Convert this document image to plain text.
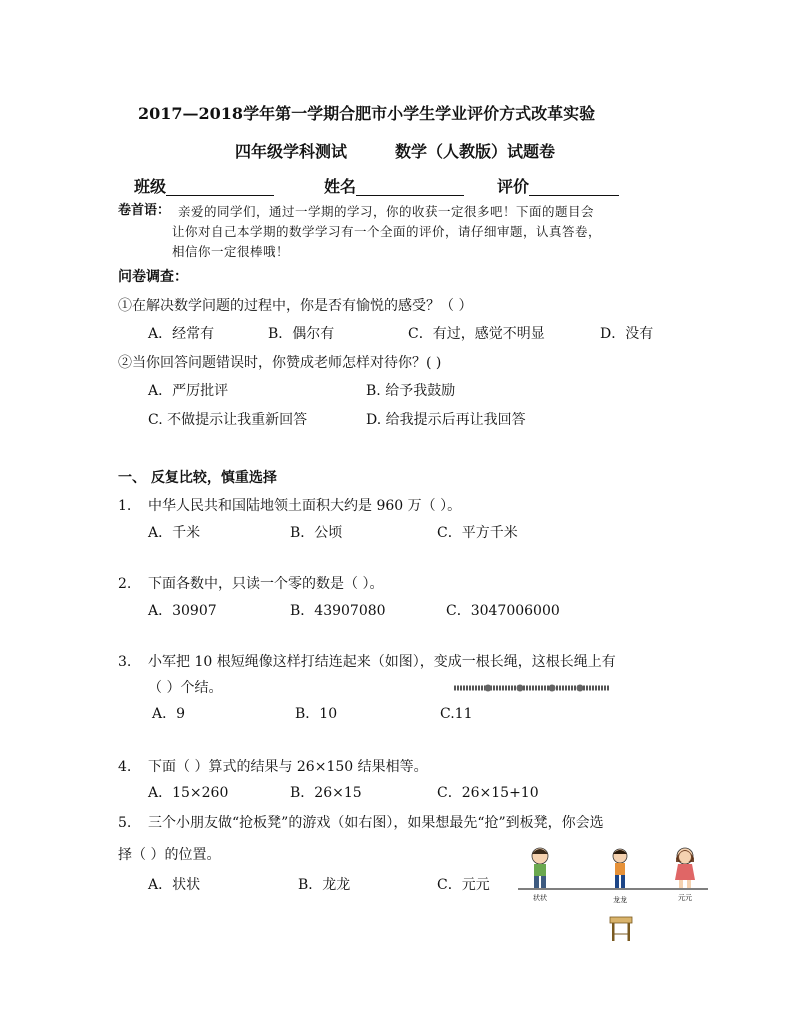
2017—2018学年第一学期合肥市小学生学业评价方式改革实验
四年级学科测试	数学（人教版）试题卷
班级	姓名	评价
卷首语： 亲爱的同学们，通过一学期的学习，你的收获一定很多吧！下面的题目会
让你对自己本学期的数学学习有一个全面的评价，请仔细审题，认真答卷，
相信你一定很棒哦！
问卷调查：
①在解决数学问题的过程中，你是否有愉悦的感受？（ ）
A．经常有	B．偶尔有	C．有过，感觉不明显	D．没有
②当你回答问题错误时，你赞成老师怎样对待你？( )
A．严厉批评	B. 给予我鼓励
C. 不做提示让我重新回答	D. 给我提示后再让我回答
一、 反复比较，慎重选择
1. 中华人民共和国陆地领土面积大约是 960 万（ ）。
A．千米	B．公顷	C．平方千米
2. 下面各数中，只读一个零的数是（ ）。
A．30907	B．43907080	C．3047006000
3. 小军把 10 根短绳像这样打结连起来（如图），变成一根长绳，这根长绳上有
（ ）个结。
A．9	B．10	C.11
4. 下面（ ）算式的结果与 26×150 结果相等。
A．15×260	B．26×15	C．26×15+10
5. 三个小朋友做“抢板凳”的游戏（如右图），如果想最先“抢”到板凳，你会选
择（ ）的位置。
A．状状	B．龙龙	C．元元
状状	龙龙	元元
